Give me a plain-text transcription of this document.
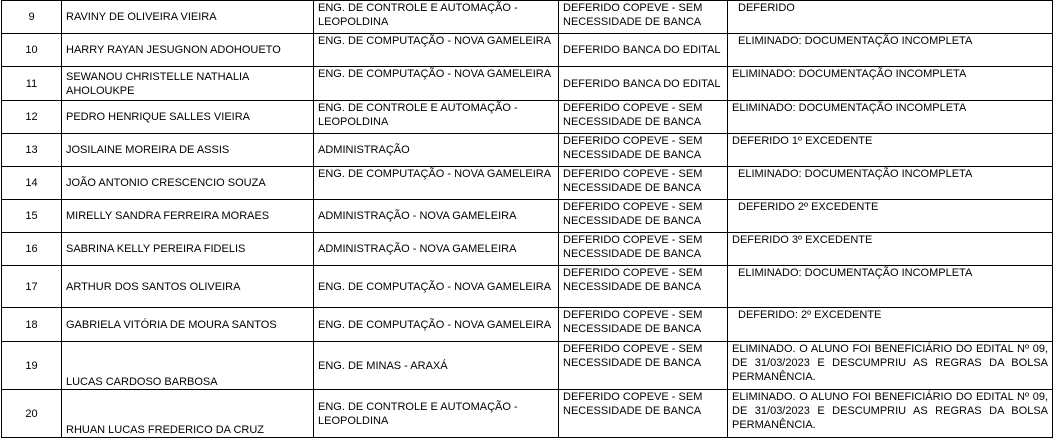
9	RAVINY DE OLIVEIRA VIEIRA	ENG. DE CONTROLE E AUTOMAÇÃO - LEOPOLDINA	DEFERIDO COPEVE - SEM NECESSIDADE DE BANCA	DEFERIDO
10	HARRY RAYAN JESUGNON ADOHOUETO	ENG. DE COMPUTAÇÃO - NOVA GAMELEIRA	DEFERIDO BANCA DO EDITAL	ELIMINADO: DOCUMENTAÇÃO INCOMPLETA
11	SEWANOU CHRISTELLE NATHALIA AHOLOUKPE	ENG. DE COMPUTAÇÃO - NOVA GAMELEIRA	DEFERIDO BANCA DO EDITAL	ELIMINADO: DOCUMENTAÇÃO INCOMPLETA
12	PEDRO HENRIQUE SALLES VIEIRA	ENG. DE CONTROLE E AUTOMAÇÃO - LEOPOLDINA	DEFERIDO COPEVE - SEM NECESSIDADE DE BANCA	ELIMINADO: DOCUMENTAÇÃO INCOMPLETA
13	JOSILAINE MOREIRA DE ASSIS	ADMINISTRAÇÃO	DEFERIDO COPEVE - SEM NECESSIDADE DE BANCA	DEFERIDO 1º EXCEDENTE
14	JOÃO ANTONIO CRESCENCIO SOUZA	ENG. DE COMPUTAÇÃO - NOVA GAMELEIRA	DEFERIDO COPEVE - SEM NECESSIDADE DE BANCA	ELIMINADO: DOCUMENTAÇÃO INCOMPLETA
15	MIRELLY SANDRA FERREIRA MORAES	ADMINISTRAÇÃO - NOVA GAMELEIRA	DEFERIDO COPEVE - SEM NECESSIDADE DE BANCA	DEFERIDO 2º EXCEDENTE
16	SABRINA KELLY PEREIRA FIDELIS	ADMINISTRAÇÃO - NOVA GAMELEIRA	DEFERIDO COPEVE - SEM NECESSIDADE DE BANCA	DEFERIDO 3º EXCEDENTE
17	ARTHUR DOS SANTOS OLIVEIRA	ENG. DE COMPUTAÇÃO - NOVA GAMELEIRA	DEFERIDO COPEVE - SEM NECESSIDADE DE BANCA	ELIMINADO: DOCUMENTAÇÃO INCOMPLETA
18	GABRIELA VITÓRIA DE MOURA SANTOS	ENG. DE COMPUTAÇÃO - NOVA GAMELEIRA	DEFERIDO COPEVE - SEM NECESSIDADE DE BANCA	DEFERIDO: 2º EXCEDENTE
19	LUCAS CARDOSO BARBOSA	ENG. DE MINAS - ARAXÁ	DEFERIDO COPEVE - SEM NECESSIDADE DE BANCA	ELIMINADO. O ALUNO FOI BENEFICIÁRIO DO EDITAL Nº 09, DE 31/03/2023 E DESCUMPRIU AS REGRAS DA BOLSA PERMANÊNCIA.
20	RHUAN LUCAS FREDERICO DA CRUZ	ENG. DE CONTROLE E AUTOMAÇÃO - LEOPOLDINA	DEFERIDO COPEVE - SEM NECESSIDADE DE BANCA	ELIMINADO. O ALUNO FOI BENEFICIÁRIO DO EDITAL Nº 09, DE 31/03/2023 E DESCUMPRIU AS REGRAS DA BOLSA PERMANÊNCIA.
